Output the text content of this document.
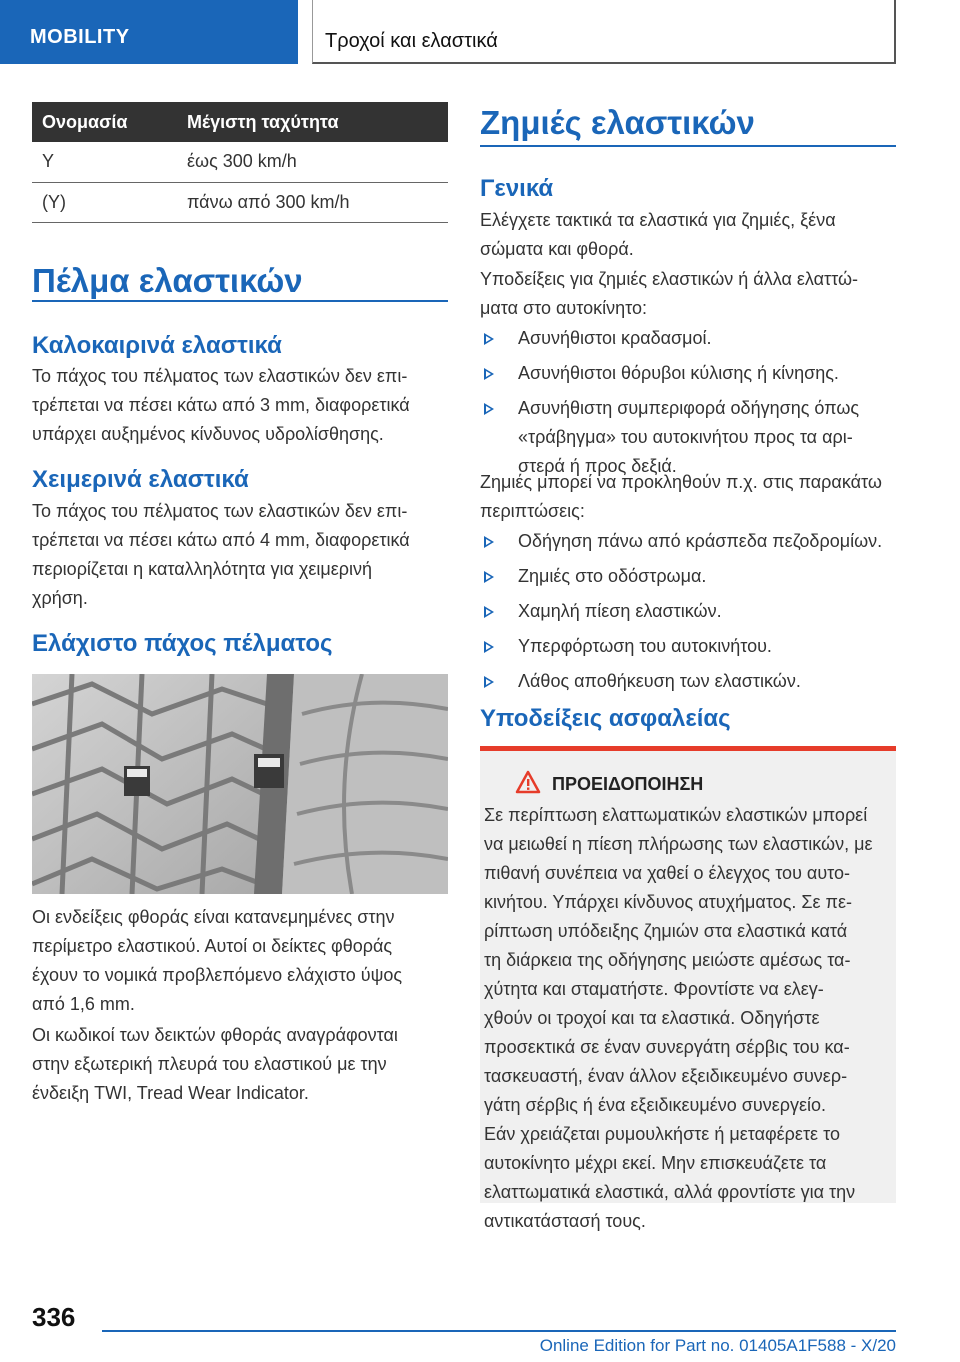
MOBILITY	Τροχοί και ελαστικά
Ονομασία	Μέγιστη ταχύτητα
Y	έως 300 km/h
(Y)	πάνω από 300 km/h
Πέλμα ελαστικών
Καλοκαιρινά ελαστικά
Το πάχος του πέλματος των ελαστικών δεν επι-
τρέπεται να πέσει κάτω από 3 mm, διαφορετικά
υπάρχει αυξημένος κίνδυνος υδρολίσθησης.
Χειμερινά ελαστικά
Το πάχος του πέλματος των ελαστικών δεν επι-
τρέπεται να πέσει κάτω από 4 mm, διαφορετικά
περιορίζεται η καταλληλότητα για χειμερινή
χρήση.
Ελάχιστο πάχος πέλματος
Οι ενδείξεις φθοράς είναι κατανεμημένες στην
περίμετρο ελαστικού. Αυτοί οι δείκτες φθοράς
έχουν το νομικά προβλεπόμενο ελάχιστο ύψος
από 1,6 mm.
Οι κωδικοί των δεικτών φθοράς αναγράφονται
στην εξωτερική πλευρά του ελαστικού με την
ένδειξη TWI, Tread Wear Indicator.
Ζημιές ελαστικών
Γενικά
Ελέγχετε τακτικά τα ελαστικά για ζημιές, ξένα
σώματα και φθορά.
Υποδείξεις για ζημιές ελαστικών ή άλλα ελαττώ-
ματα στο αυτοκίνητο:
Ασυνήθιστοι κραδασμοί.
Ασυνήθιστοι θόρυβοι κύλισης ή κίνησης.
Ασυνήθιστη συμπεριφορά οδήγησης όπως
«τράβηγμα» του αυτοκινήτου προς τα αρι-
στερά ή προς δεξιά.
Ζημιές μπορεί να προκληθούν π.χ. στις παρακάτω
περιπτώσεις:
Οδήγηση πάνω από κράσπεδα πεζοδρομίων.
Ζημιές στο οδόστρωμα.
Χαμηλή πίεση ελαστικών.
Υπερφόρτωση του αυτοκινήτου.
Λάθος αποθήκευση των ελαστικών.
Υποδείξεις ασφαλείας
ΠΡΟΕΙΔΟΠΟΙΗΣΗ
Σε περίπτωση ελαττωματικών ελαστικών μπορεί
να μειωθεί η πίεση πλήρωσης των ελαστικών, με
πιθανή συνέπεια να χαθεί ο έλεγχος του αυτο-
κινήτου. Υπάρχει κίνδυνος ατυχήματος. Σε πε-
ρίπτωση υπόδειξης ζημιών στα ελαστικά κατά
τη διάρκεια της οδήγησης μειώστε αμέσως τα-
χύτητα και σταματήστε. Φροντίστε να ελεγ-
χθούν οι τροχοί και τα ελαστικά. Οδηγήστε
προσεκτικά σε έναν συνεργάτη σέρβις του κα-
τασκευαστή, έναν άλλον εξειδικευμένο συνερ-
γάτη σέρβις ή ένα εξειδικευμένο συνεργείο.
Εάν χρειάζεται ρυμουλκήστε ή μεταφέρετε το
αυτοκίνητο μέχρι εκεί. Μην επισκευάζετε τα
ελαττωματικά ελαστικά, αλλά φροντίστε για την
αντικατάστασή τους.
336
Online Edition for Part no. 01405A1F588 - X/20
